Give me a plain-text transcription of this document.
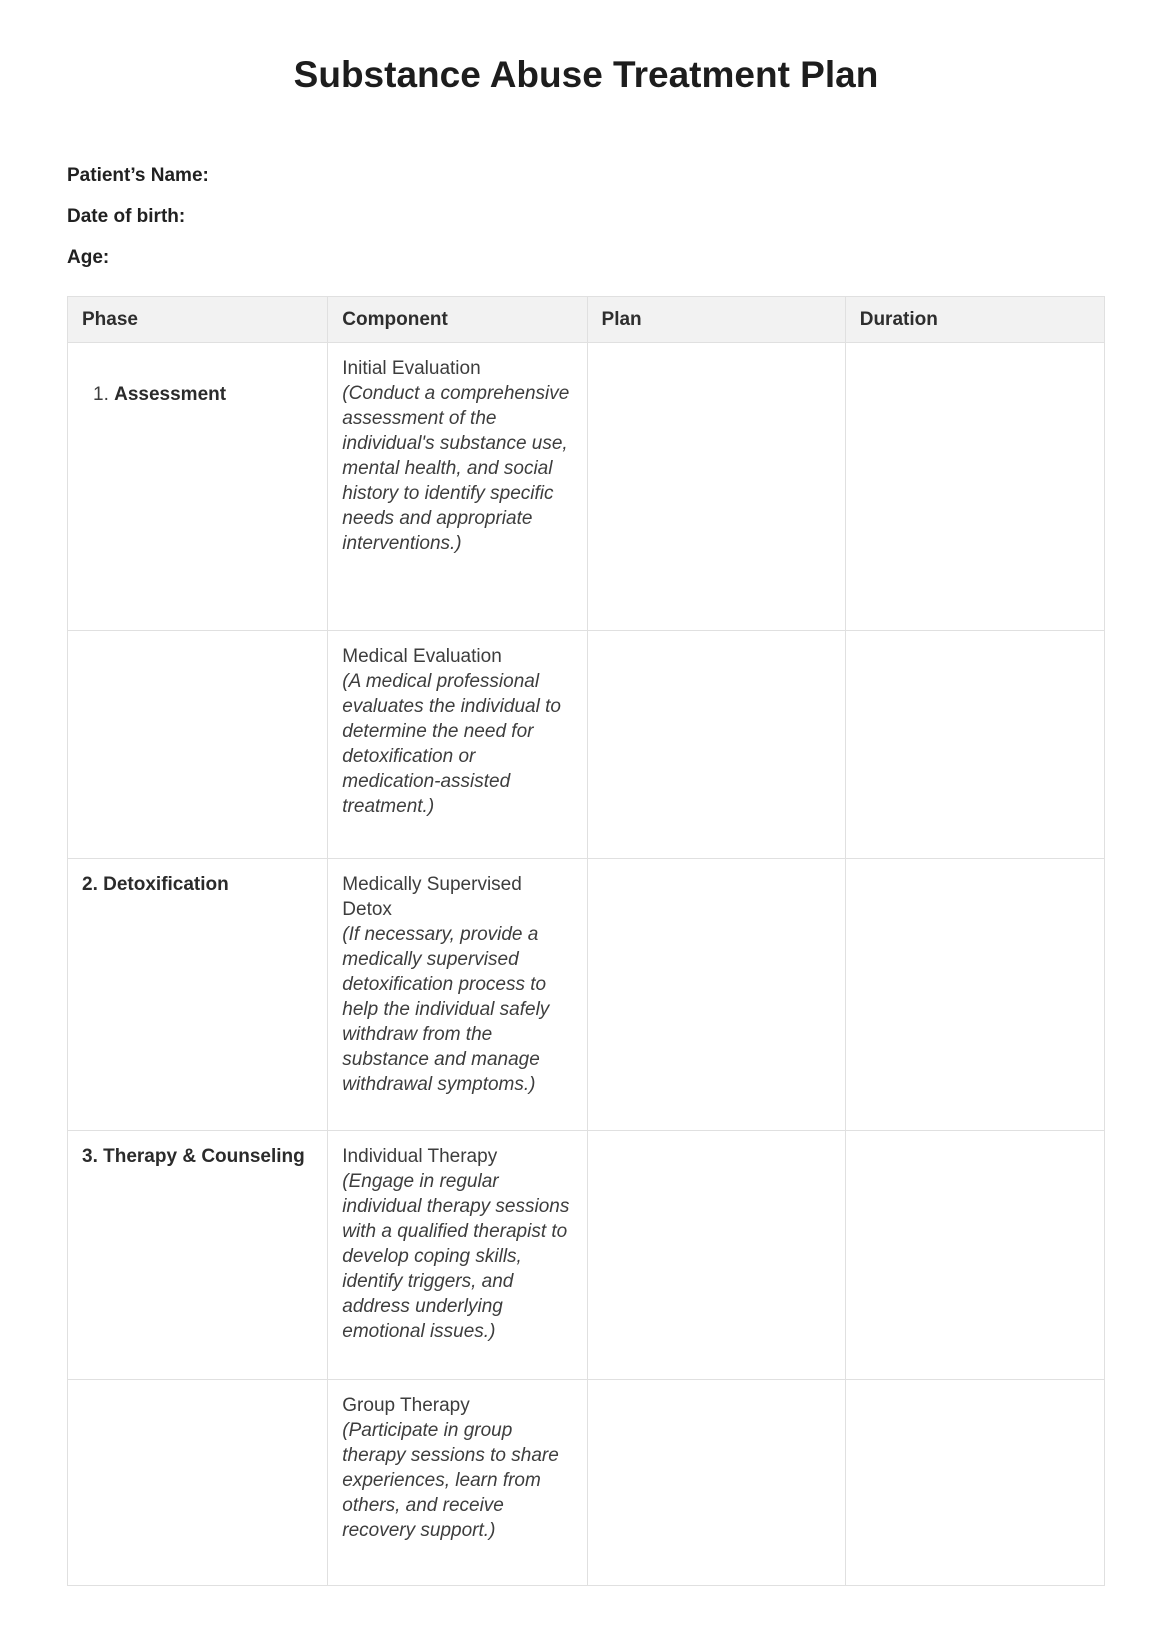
Substance Abuse Treatment Plan
Patient’s Name:
Date of birth:
Age:
Phase	Component	Plan	Duration

1. Assessment	Initial Evaluation
(Conduct a comprehensive assessment of the individual's substance use, mental health, and social history to identify specific needs and appropriate interventions.)		

	Medical Evaluation
(A medical professional evaluates the individual to determine the need for detoxification or medication-assisted treatment.)		

2. Detoxification	Medically Supervised Detox
(If necessary, provide a medically supervised detoxification process to help the individual safely withdraw from the substance and manage withdrawal symptoms.)		

3. Therapy & Counseling	Individual Therapy
(Engage in regular individual therapy sessions with a qualified therapist to develop coping skills, identify triggers, and address underlying emotional issues.)		

	Group Therapy
(Participate in group therapy sessions to share experiences, learn from others, and receive recovery support.)		
